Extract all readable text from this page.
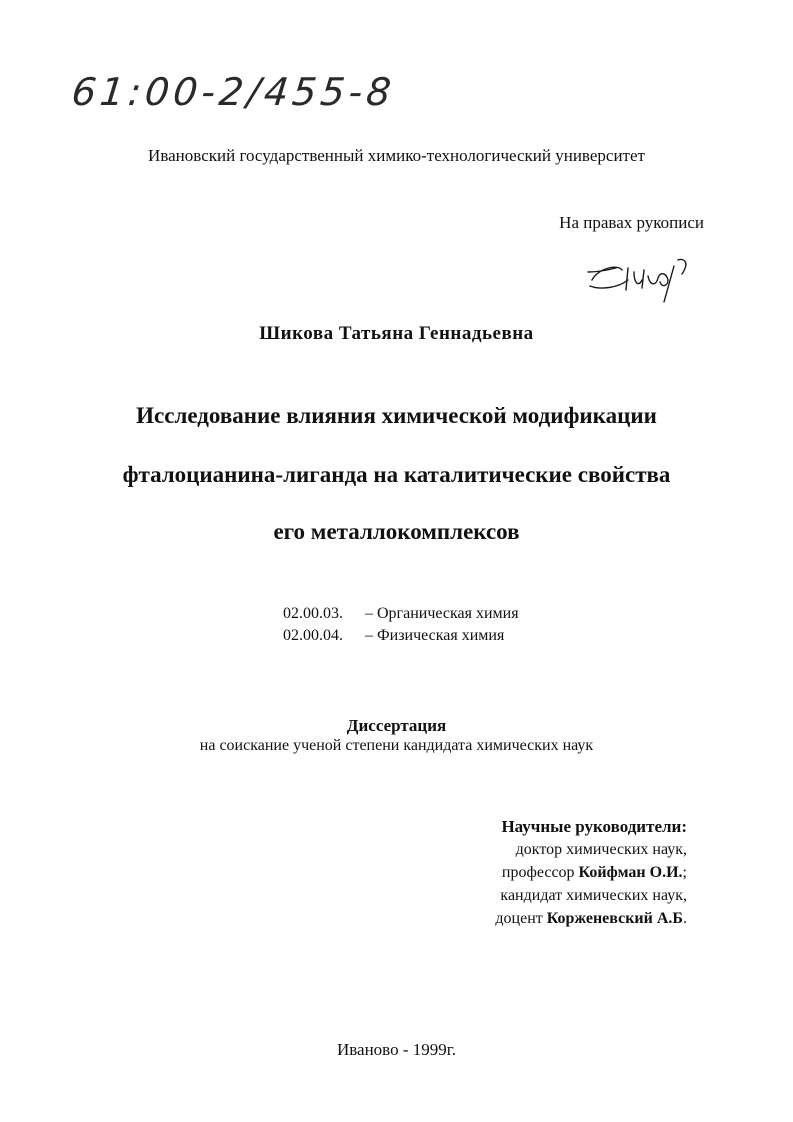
61:00-2/455-8
Ивановский государственный химико-технологический университет
На правах рукописи
Шикова Татьяна Геннадьевна
Исследование влияния химической модификации
фталоцианина-лиганда на каталитические свойства
его металлокомплексов
02.00.03. – Органическая химия
02.00.04. – Физическая химия
Диссертация
на соискание ученой степени кандидата химических наук
Научные руководители:
доктор химических наук,
профессор Койфман О.И.;
кандидат химических наук,
доцент Корженевский А.Б.
Иваново - 1999г.
